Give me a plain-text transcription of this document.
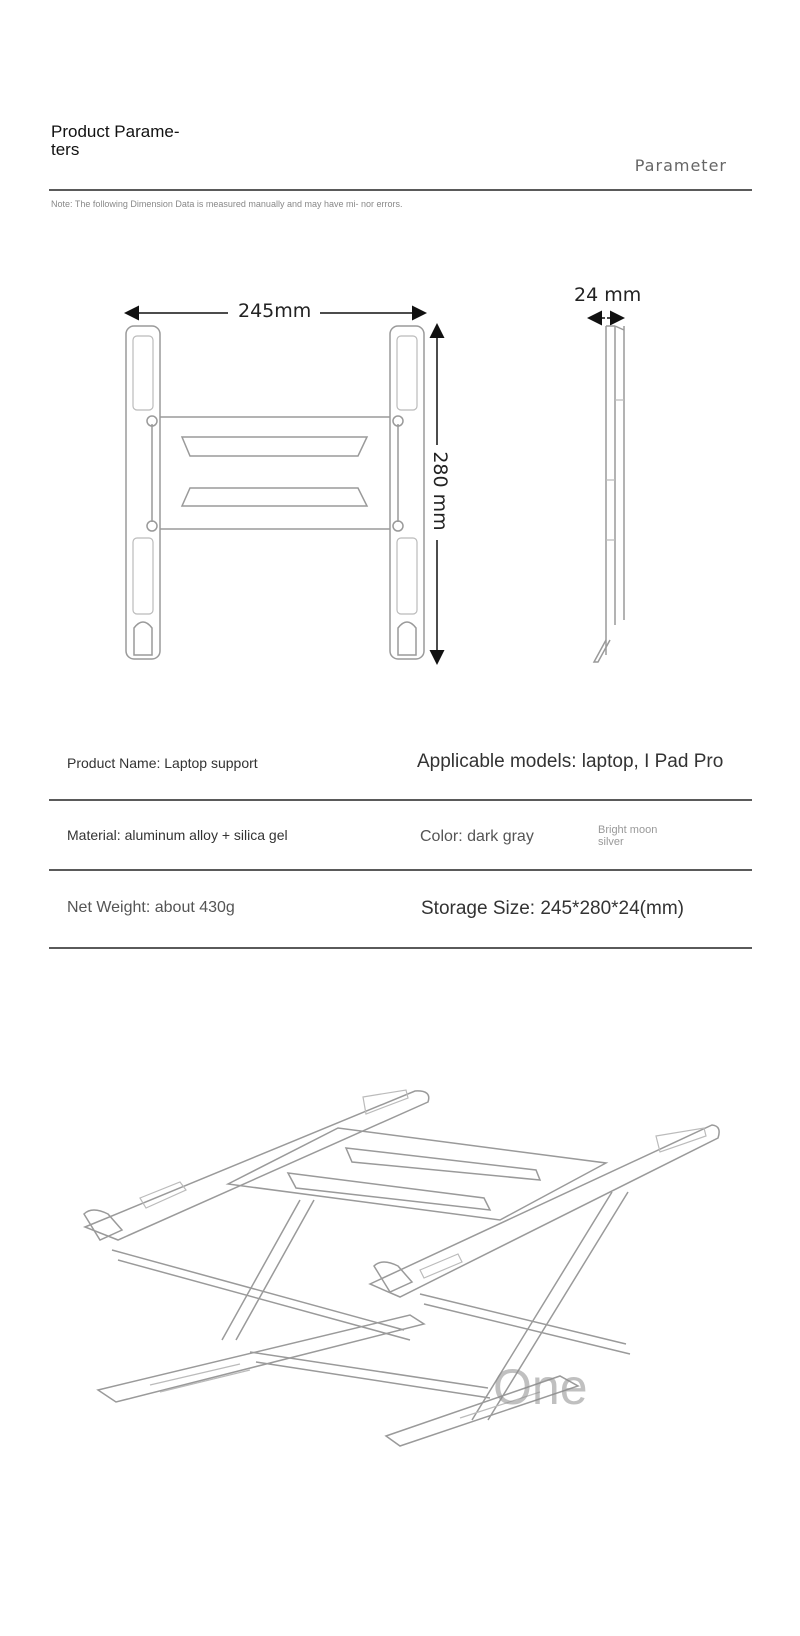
Product Parame-
ters
Parameter
Note: The following Dimension Data is measured manually and may have mi- nor errors.
245mm
24 mm
280 mm
Product Name: Laptop support	Applicable models: laptop, I Pad Pro
Material: aluminum alloy + silica gel	Color: dark gray	Bright moon silver
Net Weight: about 430g	Storage Size: 245*280*24(mm)
One
